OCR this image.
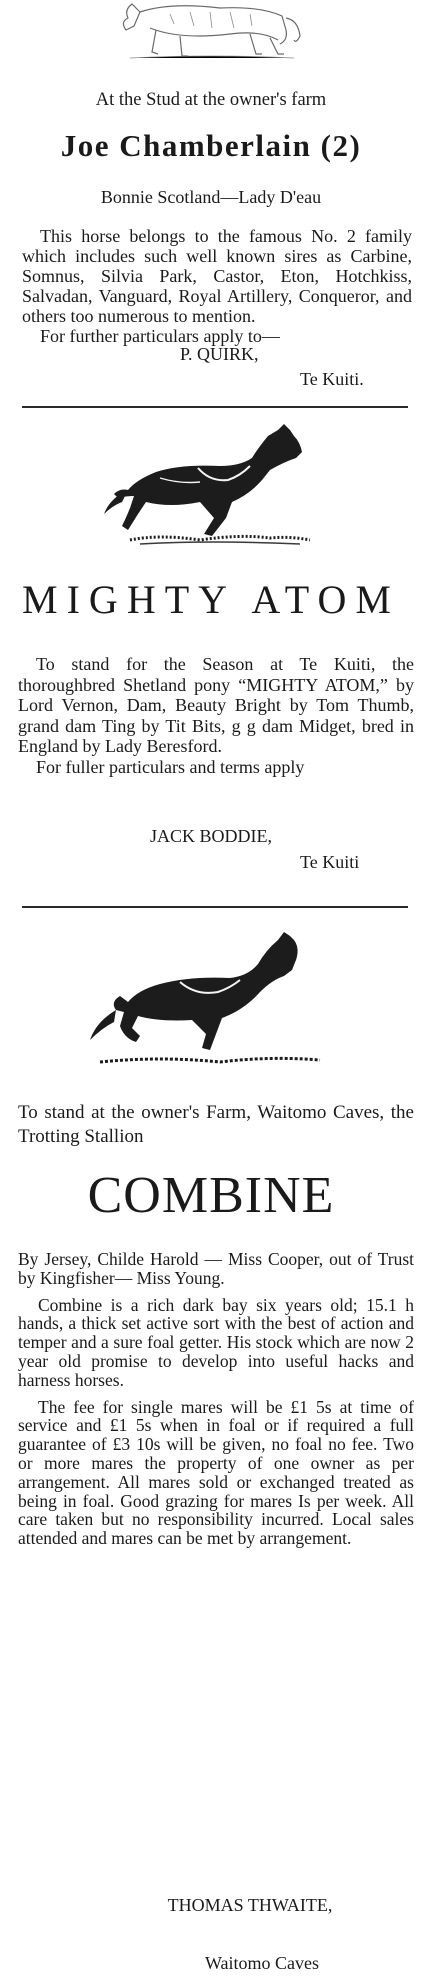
At the Stud at the owner's farm
Joe Chamberlain (2)
Bonnie Scotland—Lady D'eau

This horse belongs to the famous No. 2 family which includes such well known sires as Carbine, Somnus, Silvia Park, Castor, Eton, Hotchkiss, Salvadan, Vanguard, Royal Artillery, Conqueror, and others too numerous to mention.

For further particulars apply to—

P. QUIRK,
Te Kuiti.
MIGHTY ATOM

To stand for the Season at Te Kuiti, the thoroughbred Shetland pony “MIGHTY ATOM,” by Lord Vernon, Dam, Beauty Bright by Tom Thumb, grand dam Ting by Tit Bits, g g dam Midget, bred in England by Lady Beresford.

For fuller particulars and terms apply

JACK BODDIE,
Te Kuiti
To stand at the owner's Farm, Waitomo Caves, the Trotting Stallion
COMBINE

By Jersey, Childe Harold — Miss Cooper, out of Trust by Kingfisher— Miss Young.

Combine is a rich dark bay six years old; 15.1 h hands, a thick set active sort with the best of action and temper and a sure foal getter. His stock which are now 2 year old promise to develop into useful hacks and harness horses.

The fee for single mares will be £1 5s at time of service and £1 5s when in foal or if required a full guarantee of £3 10s will be given, no foal no fee. Two or more mares the property of one owner as per arrangement. All mares sold or exchanged treated as being in foal. Good grazing for mares Is per week. All care taken but no responsibility incurred. Local sales attended and mares can be met by arrangement.

THOMAS THWAITE,
Waitomo Caves
